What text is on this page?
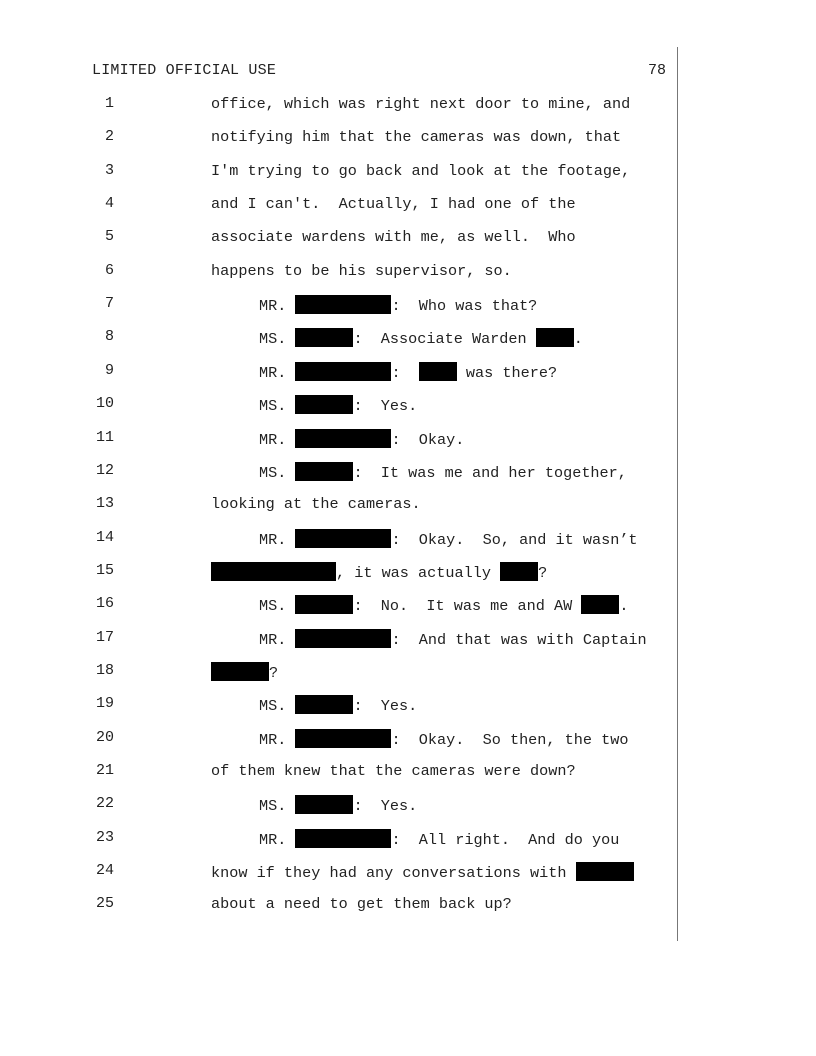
LIMITED OFFICIAL USE	78
1	office, which was right next door to mine, and
2	notifying him that the cameras was down, that
3	I'm trying to go back and look at the footage,
4	and I can't.  Actually, I had one of the
5	associate wardens with me, as well.  Who
6	happens to be his supervisor, so.
7	MR.	:  Who was that?
8	MS.	:  Associate Warden	.
9	MR.	:	was there?
10	MS.	:  Yes.
11	MR.	:  Okay.
12	MS.	:  It was me and her together,
13	looking at the cameras.
14	MR.	:  Okay.  So, and it wasn’t
15	, it was actually	?
16	MS.	:  No.  It was me and AW	.
17	MR.	:  And that was with Captain
18	?
19	MS.	:  Yes.
20	MR.	:  Okay.  So then, the two
21	of them knew that the cameras were down?
22	MS.	:  Yes.
23	MR.	:  All right.  And do you
24	know if they had any conversations with
25	about a need to get them back up?
